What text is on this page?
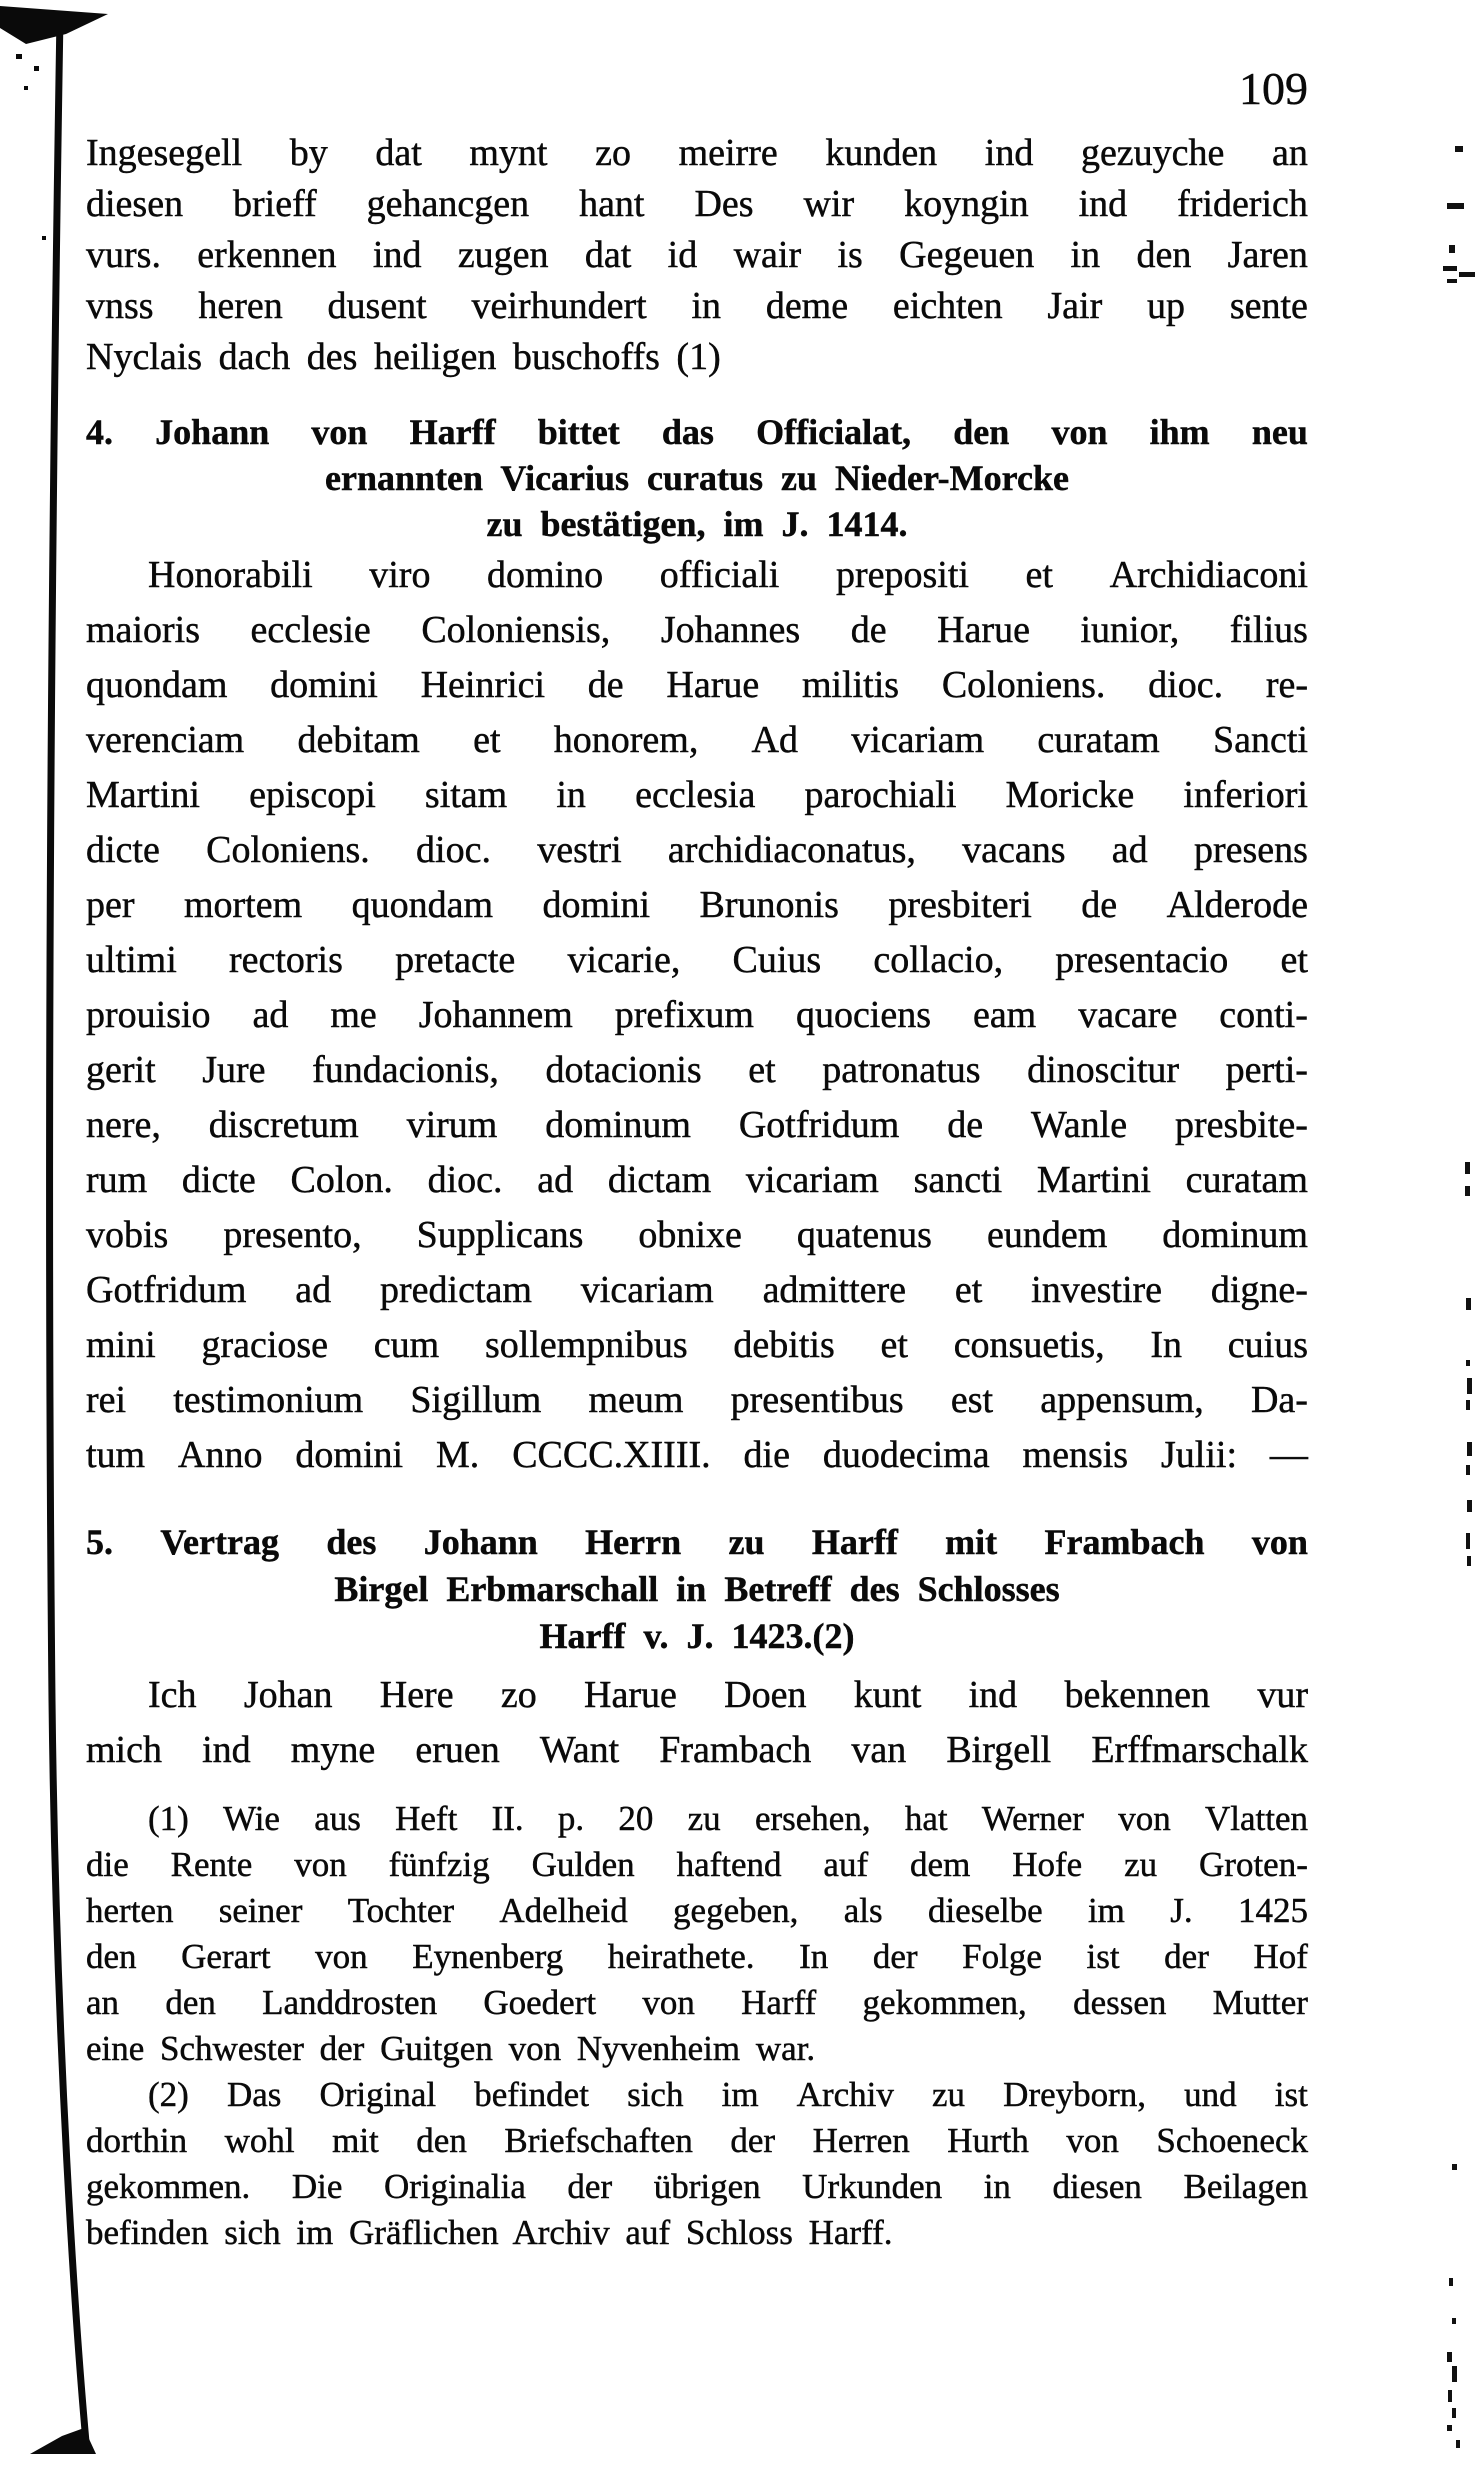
109
Ingesegell by dat mynt zo meirre kunden ind gezuyche an
diesen brieff gehancgen hant Des wir koyngin ind friderich
vurs. erkennen ind zugen dat id wair is Gegeuen in den Jaren
vnss heren dusent veirhundert in deme eichten Jair up sente
Nyclais dach des heiligen buschoffs (1)
4. Johann von Harff bittet das Officialat, den von ihm neu
ernannten Vicarius curatus zu Nieder-Morcke
zu bestätigen, im J. 1414.
Honorabili viro domino officiali prepositi et Archidiaconi
maioris ecclesie Coloniensis, Johannes de Harue iunior, filius
quondam domini Heinrici de Harue militis Coloniens. dioc. re-
verenciam debitam et honorem, Ad vicariam curatam Sancti
Martini episcopi sitam in ecclesia parochiali Moricke inferiori
dicte Coloniens. dioc. vestri archidiaconatus, vacans ad presens
per mortem quondam domini Brunonis presbiteri de Alderode
ultimi rectoris pretacte vicarie, Cuius collacio, presentacio et
prouisio ad me Johannem prefixum quociens eam vacare conti-
gerit Jure fundacionis, dotacionis et patronatus dinoscitur perti-
nere, discretum virum dominum Gotfridum de Wanle presbite-
rum dicte Colon. dioc. ad dictam vicariam sancti Martini curatam
vobis presento, Supplicans obnixe quatenus eundem dominum
Gotfridum ad predictam vicariam admittere et investire digne-
mini graciose cum sollempnibus debitis et consuetis, In cuius
rei testimonium Sigillum meum presentibus est appensum, Da-
tum Anno domini M. CCCC.XIIII. die duodecima mensis Julii: —
5. Vertrag des Johann Herrn zu Harff mit Frambach von
Birgel Erbmarschall in Betreff des Schlosses
Harff v. J. 1423.(2)
Ich Johan Here zo Harue Doen kunt ind bekennen vur
mich ind myne eruen Want Frambach van Birgell Erffmarschalk
(1) Wie aus Heft II. p. 20 zu ersehen, hat Werner von Vlatten
die Rente von fünfzig Gulden haftend auf dem Hofe zu Groten-
herten seiner Tochter Adelheid gegeben, als dieselbe im J. 1425
den Gerart von Eynenberg heirathete. In der Folge ist der Hof
an den Landdrosten Goedert von Harff gekommen, dessen Mutter
eine Schwester der Guitgen von Nyvenheim war.
(2) Das Original befindet sich im Archiv zu Dreyborn, und ist
dorthin wohl mit den Briefschaften der Herren Hurth von Schoeneck
gekommen. Die Originalia der übrigen Urkunden in diesen Beilagen
befinden sich im Gräflichen Archiv auf Schloss Harff.
